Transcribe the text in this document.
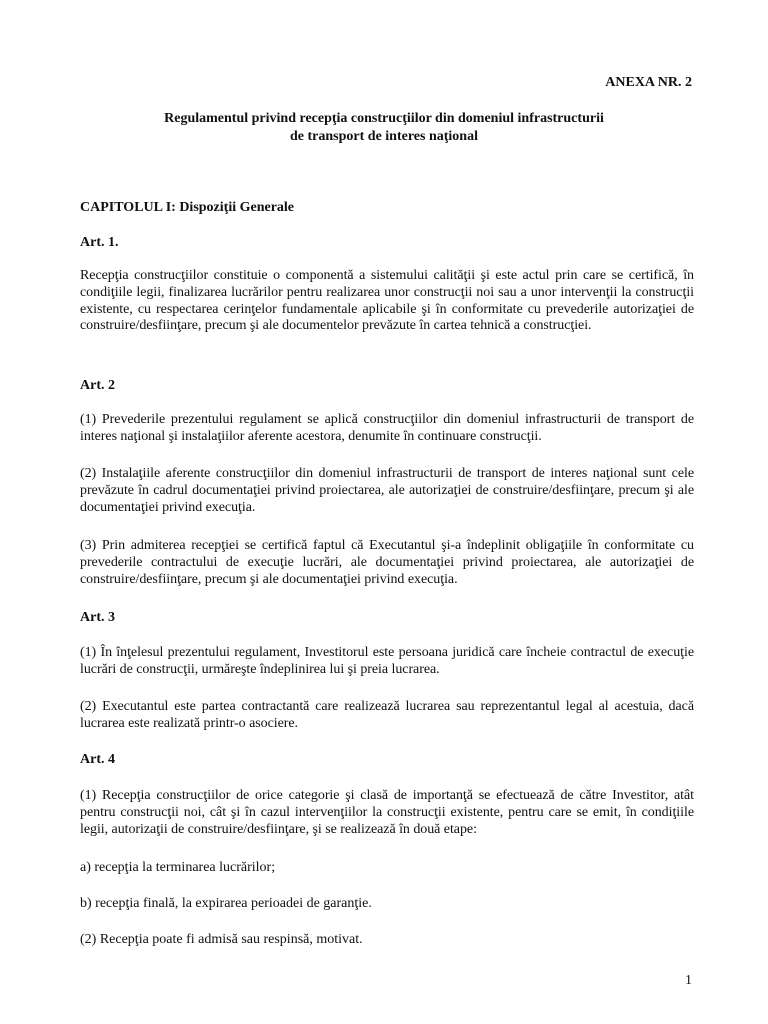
ANEXA NR. 2
Regulamentul privind recepţia construcţiilor din domeniul infrastructurii
de transport de interes naţional
CAPITOLUL I: Dispoziţii Generale
Art. 1.
Recepţia construcţiilor constituie o componentă a sistemului calităţii şi este actul prin care se certifică, în condiţiile legii, finalizarea lucrărilor pentru realizarea unor construcţii noi sau a unor intervenţii la construcţii existente, cu respectarea cerinţelor fundamentale aplicabile şi în conformitate cu prevederile autorizaţiei de construire/desfiinţare, precum şi ale documentelor prevăzute în cartea tehnică a construcţiei.
Art. 2
(1) Prevederile prezentului regulament se aplică construcţiilor din domeniul infrastructurii de transport de interes naţional şi instalaţiilor aferente acestora, denumite în continuare construcţii.
(2) Instalaţiile aferente construcţiilor din domeniul infrastructurii de transport de interes naţional sunt cele prevăzute în cadrul documentaţiei privind proiectarea, ale autorizaţiei de construire/desfiinţare, precum şi ale documentaţiei privind execuţia.
(3) Prin admiterea recepţiei se certifică faptul că Executantul şi-a îndeplinit obligaţiile în conformitate cu prevederile contractului de execuţie lucrări, ale documentaţiei privind proiectarea, ale autorizaţiei de construire/desfiinţare, precum şi ale documentaţiei privind execuţia.
Art. 3
(1) În înţelesul prezentului regulament, Investitorul este persoana juridică care încheie contractul de execuţie lucrări de construcţii, urmăreşte îndeplinirea lui şi preia lucrarea.
(2) Executantul este partea contractantă care realizează lucrarea sau reprezentantul legal al acestuia, dacă lucrarea este realizată printr-o asociere.
Art. 4
(1) Recepţia construcţiilor de orice categorie şi clasă de importanţă se efectuează de către Investitor, atât pentru construcţii noi, cât şi în cazul intervenţiilor la construcţii existente, pentru care se emit, în condiţiile legii, autorizaţii de construire/desfiinţare, şi se realizează în două etape:
a) recepţia la terminarea lucrărilor;
b) recepţia finală, la expirarea perioadei de garanţie.
(2) Recepţia poate fi admisă sau respinsă, motivat.
1
